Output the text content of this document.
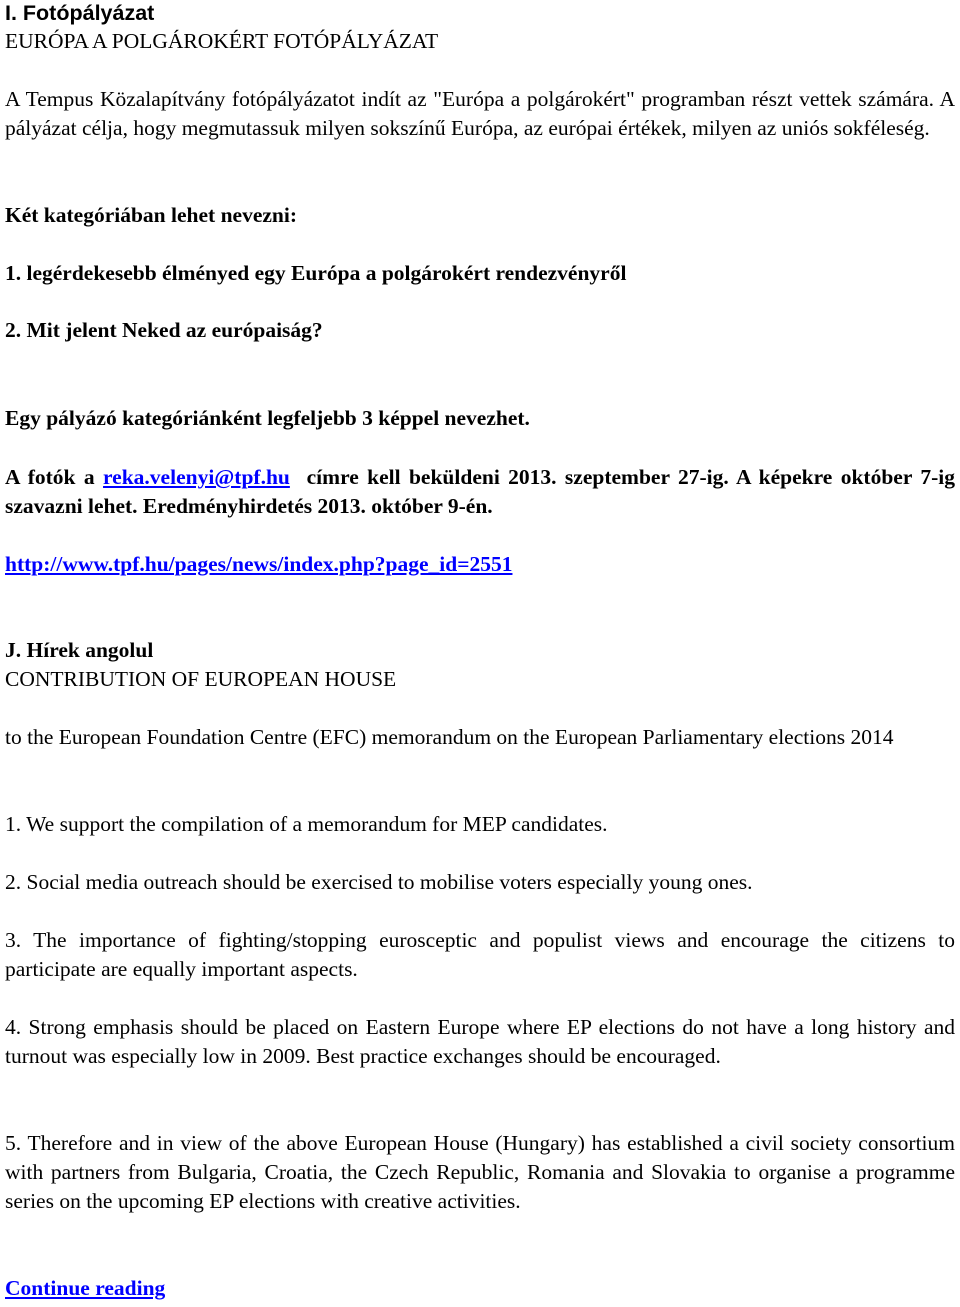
I. Fotópályázat

EURÓPA A POLGÁROKÉRT FOTÓPÁLYÁZAT

A Tempus Közalapítvány fotópályázatot indít az "Európa a polgárokért" programban részt vettek számára. A pályázat célja, hogy megmutassuk milyen sokszínű Európa, az európai értékek, milyen az uniós sokféleség.

Két kategóriában lehet nevezni:

1. legérdekesebb élményed egy Európa a polgárokért rendezvényről

2. Mit jelent Neked az európaiság?

Egy pályázó kategóriánként legfeljebb 3 képpel nevezhet.

A fotók a reka.velenyi@tpf.hu címre kell beküldeni 2013. szeptember 27-ig. A képekre október 7-ig szavazni lehet. Eredményhirdetés 2013. október 9-én.

http://www.tpf.hu/pages/news/index.php?page_id=2551

J. Hírek angolul

CONTRIBUTION OF EUROPEAN HOUSE

to the European Foundation Centre (EFC) memorandum on the European Parliamentary elections 2014

1. We support the compilation of a memorandum for MEP candidates.

2. Social media outreach should be exercised to mobilise voters especially young ones.

3. The importance of fighting/stopping eurosceptic and populist views and encourage the citizens to participate are equally important aspects.

4. Strong emphasis should be placed on Eastern Europe where EP elections do not have a long history and turnout was especially low in 2009. Best practice exchanges should be encouraged.

5. Therefore and in view of the above European House (Hungary) has established a civil society consortium with partners from Bulgaria, Croatia, the Czech Republic, Romania and Slovakia to organise a programme series on the upcoming EP elections with creative activities.

Continue reading
